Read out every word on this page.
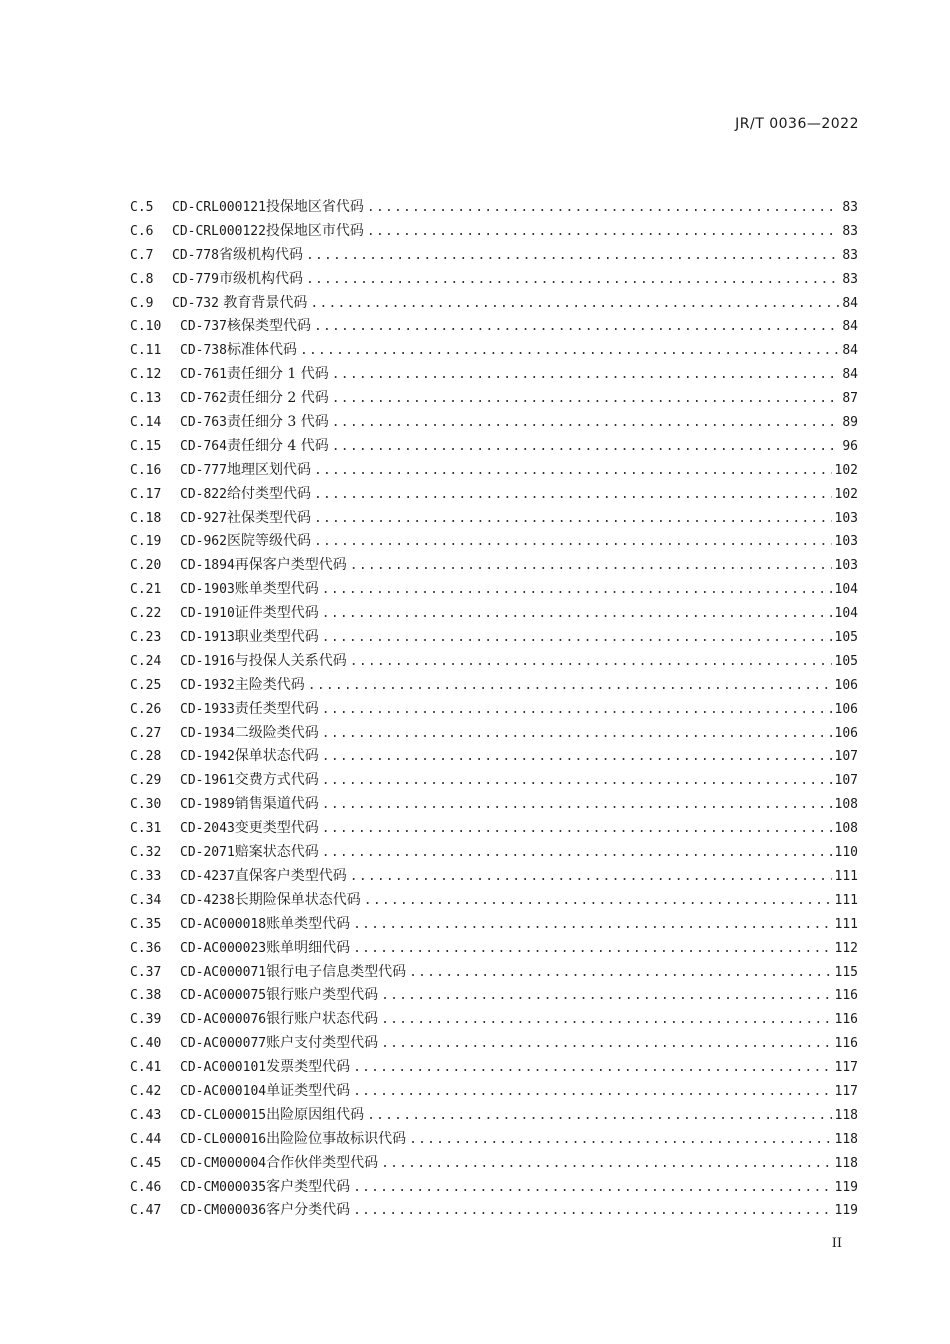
JR/T 0036—2022
C.5	CD-CRL000121投保地区省代码 .....	83
C.6	CD-CRL000122投保地区市代码 .....	83
C.7	CD-778省级机构代码 .....	83
C.8	CD-779市级机构代码 .....	83
C.9	CD-732 教育背景代码 .....	84
C.10	CD-737核保类型代码 .....	84
C.11	CD-738标准体代码 .....	84
C.12	CD-761责任细分 1 代码 .....	84
C.13	CD-762责任细分 2 代码 .....	87
C.14	CD-763责任细分 3 代码 .....	89
C.15	CD-764责任细分 4 代码 .....	96
C.16	CD-777地理区划代码 .....	102
C.17	CD-822给付类型代码 .....	102
C.18	CD-927社保类型代码 .....	103
C.19	CD-962医院等级代码 .....	103
C.20	CD-1894再保客户类型代码 .....	103
C.21	CD-1903账单类型代码 .....	104
C.22	CD-1910证件类型代码 .....	104
C.23	CD-1913职业类型代码 .....	105
C.24	CD-1916与投保人关系代码 .....	105
C.25	CD-1932主险类代码 .....	106
C.26	CD-1933责任类型代码 .....	106
C.27	CD-1934二级险类代码 .....	106
C.28	CD-1942保单状态代码 .....	107
C.29	CD-1961交费方式代码 .....	107
C.30	CD-1989销售渠道代码 .....	108
C.31	CD-2043变更类型代码 .....	108
C.32	CD-2071赔案状态代码 .....	110
C.33	CD-4237直保客户类型代码 .....	111
C.34	CD-4238长期险保单状态代码 .....	111
C.35	CD-AC000018账单类型代码 .....	111
C.36	CD-AC000023账单明细代码 .....	112
C.37	CD-AC000071银行电子信息类型代码 .....	115
C.38	CD-AC000075银行账户类型代码 .....	116
C.39	CD-AC000076银行账户状态代码 .....	116
C.40	CD-AC000077账户支付类型代码 .....	116
C.41	CD-AC000101发票类型代码 .....	117
C.42	CD-AC000104单证类型代码 .....	117
C.43	CD-CL000015出险原因组代码 .....	118
C.44	CD-CL000016出险险位事故标识代码 .....	118
C.45	CD-CM000004合作伙伴类型代码 .....	118
C.46	CD-CM000035客户类型代码 .....	119
C.47	CD-CM000036客户分类代码 .....	119
II
